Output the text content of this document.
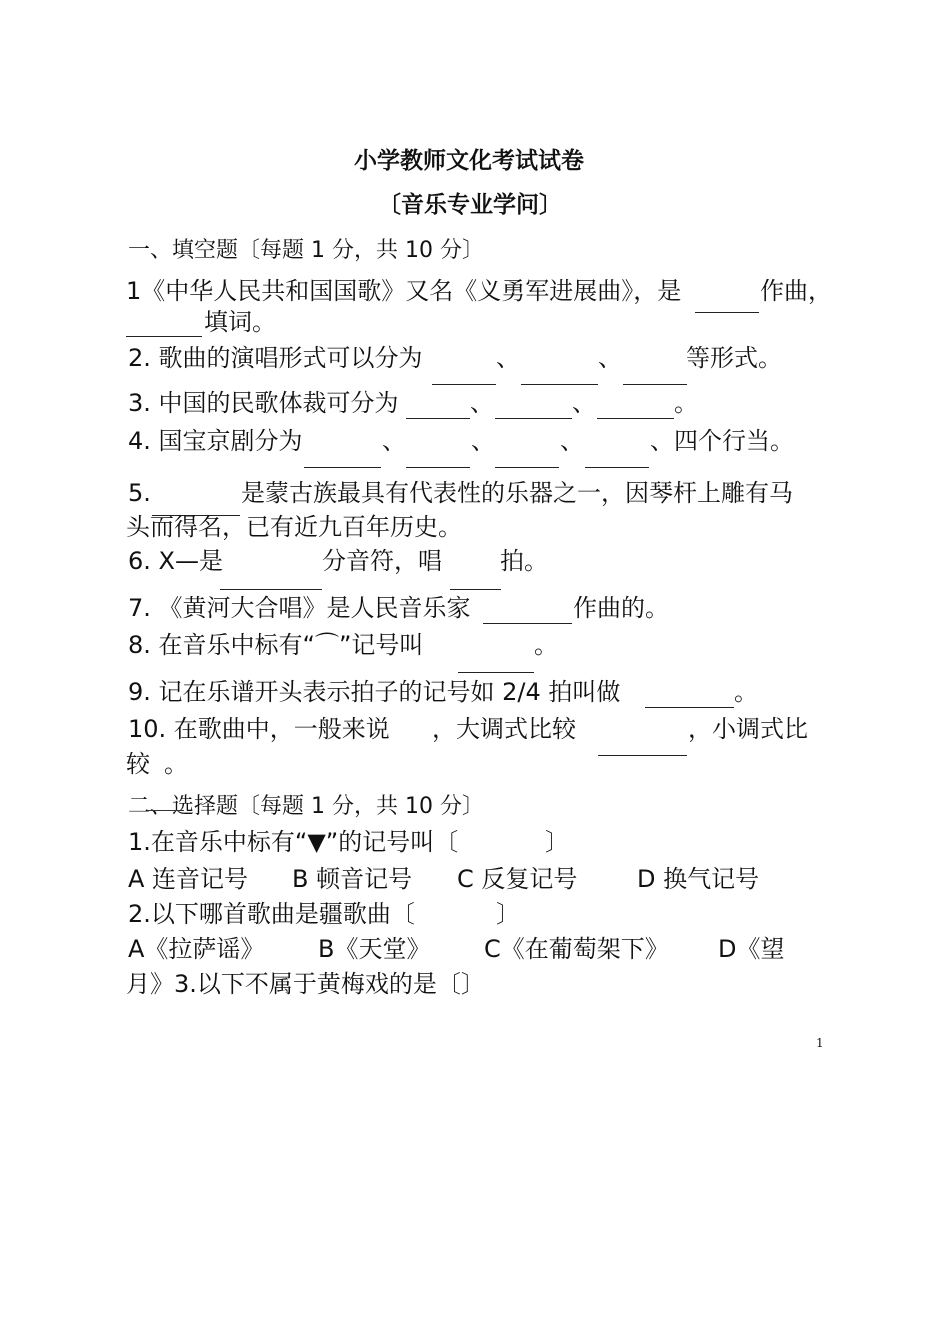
小学教师文化考试试卷
〔音乐专业学问〕
一、填空题〔每题 1 分，共 10 分〕
1《中华人民共和国国歌》又名《义勇军进展曲》，是	作曲，
填词。
2. 歌曲的演唱形式可以分为	、	、	等形式。
3. 中国的民歌体裁可分为	、	、	。
4. 国宝京剧分为	、	、	、	、四个行当。
5.	是蒙古族最具有代表性的乐器之一，因琴杆上雕有马
头而得名，已有近九百年历史。
6. X—是	分音符，唱 拍。
7. 《黄河大合唱》是人民音乐家	作曲的。
8. 在音乐中标有“⌒”记号叫	。
9. 记在乐谱开头表示拍子的记号如 2/4 拍叫做	。
10. 在歌曲中，一般来说 ，大调式比较	，小调式比
较 。
二、选择题〔每题 1 分，共 10 分〕
1.在音乐中标有“▼”的记号叫〔	〕
A 连音记号 B 顿音记号 C 反复记号 D 换气记号
2.以下哪首歌曲是疆歌曲〔	〕
A《拉萨谣》 B《天堂》 C《在葡萄架下》 D《望
月》3.以下不属于黄梅戏的是〔〕
1
